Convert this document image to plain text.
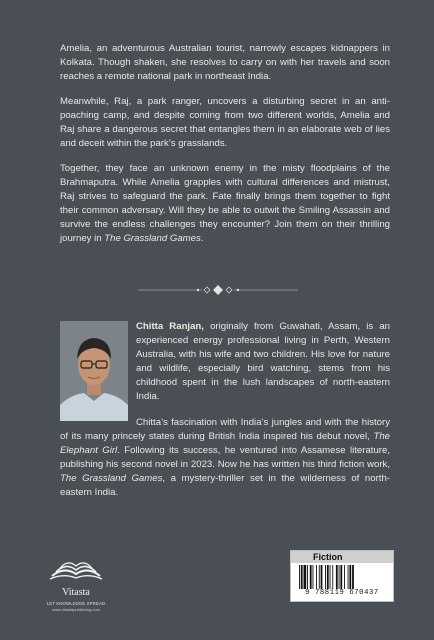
Amelia, an adventurous Australian tourist, narrowly escapes kidnappers in Kolkata. Though shaken, she resolves to carry on with her travels and soon reaches a remote national park in northeast India.

Meanwhile, Raj, a park ranger, uncovers a disturbing secret in an anti-poaching camp, and despite coming from two different worlds, Amelia and Raj share a dangerous secret that entangles them in an elaborate web of lies and deceit within the park’s grasslands.

Together, they face an unknown enemy in the misty floodplains of the Brahmaputra. While Amelia grapples with cultural differences and mistrust, Raj strives to safeguard the park. Fate finally brings them together to fight their common adversary. Will they be able to outwit the Smiling Assassin and survive the endless challenges they encounter? Join them on their thrilling journey in The Grassland Games.

Chitta Ranjan, originally from Guwahati, Assam, is an experienced energy professional living in Perth, Western Australia, with his wife and two children. His love for nature and wildlife, especially bird watching, stems from his childhood spent in the lush landscapes of north-eastern India.

Chitta’s fascination with India’s jungles and with the history of its many princely states during British India inspired his debut novel, The Elephant Girl. Following its success, he ventured into Assamese literature, publishing his second novel in 2023. Now he has written his third fiction work, The Grassland Games, a mystery-thriller set in the wilderness of north-eastern India.

Vitasta
LET KNOWLEDGE SPREAD
www.vitastapublishing.com
Fiction
9 788119 670437
